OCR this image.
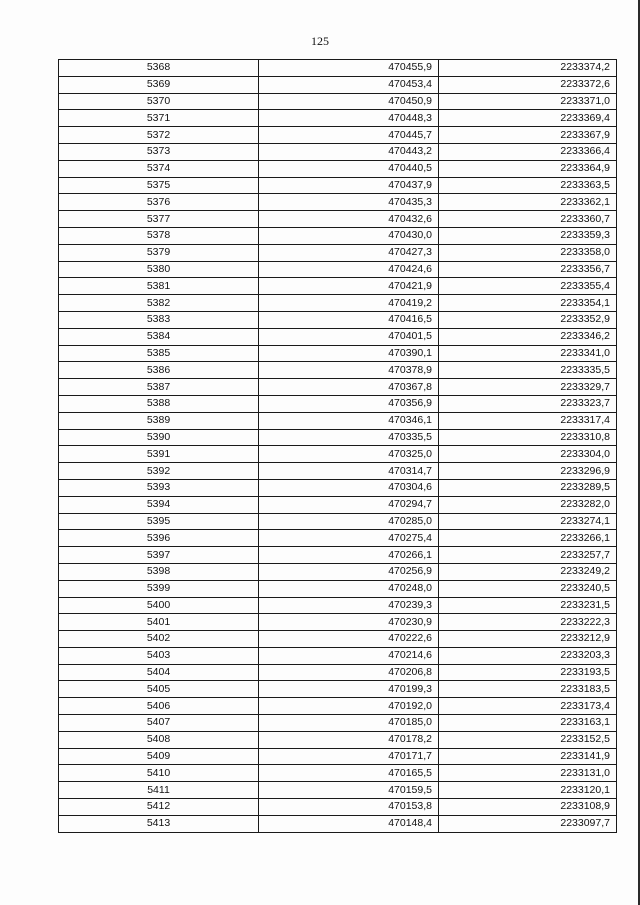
125
5368	470455,9	2233374,2
5369	470453,4	2233372,6
5370	470450,9	2233371,0
5371	470448,3	2233369,4
5372	470445,7	2233367,9
5373	470443,2	2233366,4
5374	470440,5	2233364,9
5375	470437,9	2233363,5
5376	470435,3	2233362,1
5377	470432,6	2233360,7
5378	470430,0	2233359,3
5379	470427,3	2233358,0
5380	470424,6	2233356,7
5381	470421,9	2233355,4
5382	470419,2	2233354,1
5383	470416,5	2233352,9
5384	470401,5	2233346,2
5385	470390,1	2233341,0
5386	470378,9	2233335,5
5387	470367,8	2233329,7
5388	470356,9	2233323,7
5389	470346,1	2233317,4
5390	470335,5	2233310,8
5391	470325,0	2233304,0
5392	470314,7	2233296,9
5393	470304,6	2233289,5
5394	470294,7	2233282,0
5395	470285,0	2233274,1
5396	470275,4	2233266,1
5397	470266,1	2233257,7
5398	470256,9	2233249,2
5399	470248,0	2233240,5
5400	470239,3	2233231,5
5401	470230,9	2233222,3
5402	470222,6	2233212,9
5403	470214,6	2233203,3
5404	470206,8	2233193,5
5405	470199,3	2233183,5
5406	470192,0	2233173,4
5407	470185,0	2233163,1
5408	470178,2	2233152,5
5409	470171,7	2233141,9
5410	470165,5	2233131,0
5411	470159,5	2233120,1
5412	470153,8	2233108,9
5413	470148,4	2233097,7
